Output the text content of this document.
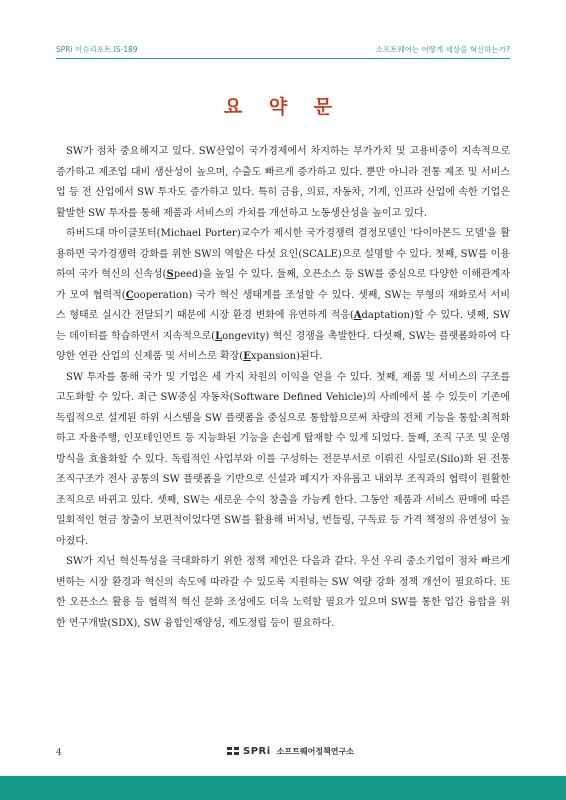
SPRi 이슈리포트 IS-189	소프트웨어는 어떻게 세상을 혁신하는가?
요 약 문

SW가 점차 중요해지고 있다. SW산업이 국가경제에서 차지하는 부가가치 및 고용비중이 지속적으로 증가하고 제조업 대비 생산성이 높으며, 수출도 빠르게 증가하고 있다. 뿐만 아니라 전통 제조 및 서비스업 등 전 산업에서 SW 투자도 증가하고 있다. 특히 금융, 의료, 자동차, 기계, 인프라 산업에 속한 기업은 활발한 SW 투자를 통해 제품과 서비스의 가치를 개선하고 노동생산성을 높이고 있다.

하버드대 마이클포터(Michael Porter)교수가 제시한 국가경쟁력 결정모델인 '다이아몬드 모델'을 활용하면 국가경쟁력 강화를 위한 SW의 역할은 다섯 요인(SCALE)으로 설명할 수 있다. 첫째, SW를 이용하여 국가 혁신의 신속성(Speed)을 높일 수 있다. 둘째, 오픈소스 등 SW를 중심으로 다양한 이해관계자가 모여 협력적(Cooperation) 국가 혁신 생태계를 조성할 수 있다. 셋째, SW는 무형의 재화로서 서비스 형태로 실시간 전달되기 때문에 시장 환경 변화에 유연하게 적응(Adaptation)할 수 있다. 넷째, SW는 데이터를 학습하면서 지속적으로(Longevity) 혁신 경쟁을 촉발한다. 다섯째, SW는 플랫폼화하여 다양한 연관 산업의 신제품 및 서비스로 확장(Expansion)된다.

SW 투자를 통해 국가 및 기업은 세 가지 차원의 이익을 얻을 수 있다. 첫째, 제품 및 서비스의 구조를 고도화할 수 있다. 최근 SW중심 자동차(Software Defined Vehicle)의 사례에서 볼 수 있듯이 기존에 독립적으로 설계된 하위 시스템을 SW 플랫폼을 중심으로 통합함으로써 차량의 전체 기능을 통합·최적화하고 자율주행, 인포테인먼트 등 지능화된 기능을 손쉽게 탑재할 수 있게 되었다. 둘째, 조직 구조 및 운영 방식을 효율화할 수 있다. 독립적인 사업부와 이를 구성하는 전문부서로 이뤄진 사일로(Silo)화 된 전통 조직구조가 전사 공통의 SW 플랫폼을 기반으로 신설과 폐지가 자유롭고 내외부 조직과의 협력이 원활한 조직으로 바뀌고 있다. 셋째, SW는 새로운 수익 창출을 가능케 한다. 그동안 제품과 서비스 판매에 따른 일회적인 현금 창출이 보편적이었다면 SW를 활용해 버저닝, 번들링, 구독료 등 가격 책정의 유연성이 높아졌다.

SW가 지닌 혁신특성을 극대화하기 위한 정책 제언은 다음과 같다. 우선 우리 중소기업이 점차 빠르게 변하는 시장 환경과 혁신의 속도에 따라갈 수 있도록 지원하는 SW 역량 강화 정책 개선이 필요하다. 또한 오픈소스 활용 등 협력적 혁신 문화 조성에도 더욱 노력할 필요가 있으며 SW를 통한 업간 융합을 위한 연구개발(SDX), SW 융합인재양성, 제도정립 등이 필요하다.

4	SPRi 소프트웨어정책연구소
